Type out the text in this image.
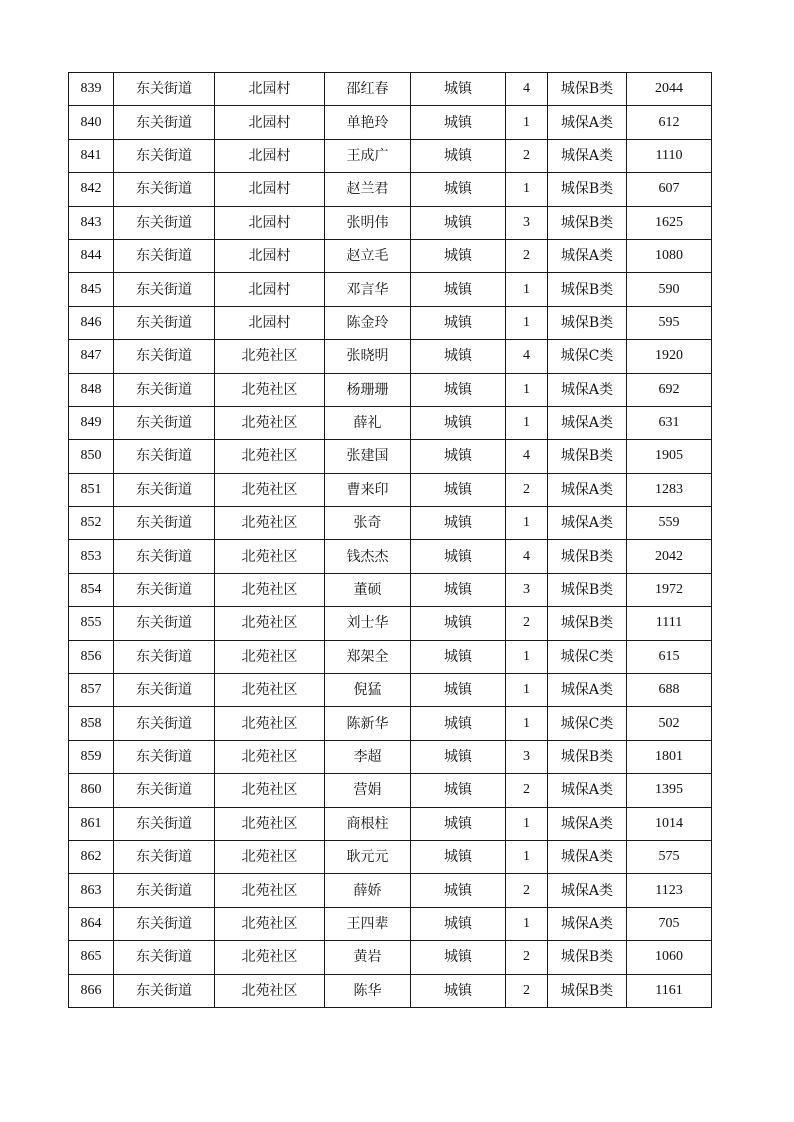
839	东关街道	北园村	邵红春	城镇	4	城保B类	2044
840	东关街道	北园村	单艳玲	城镇	1	城保A类	612
841	东关街道	北园村	王成广	城镇	2	城保A类	1110
842	东关街道	北园村	赵兰君	城镇	1	城保B类	607
843	东关街道	北园村	张明伟	城镇	3	城保B类	1625
844	东关街道	北园村	赵立毛	城镇	2	城保A类	1080
845	东关街道	北园村	邓言华	城镇	1	城保B类	590
846	东关街道	北园村	陈金玲	城镇	1	城保B类	595
847	东关街道	北苑社区	张晓明	城镇	4	城保C类	1920
848	东关街道	北苑社区	杨珊珊	城镇	1	城保A类	692
849	东关街道	北苑社区	薛礼	城镇	1	城保A类	631
850	东关街道	北苑社区	张建国	城镇	4	城保B类	1905
851	东关街道	北苑社区	曹来印	城镇	2	城保A类	1283
852	东关街道	北苑社区	张奇	城镇	1	城保A类	559
853	东关街道	北苑社区	钱杰杰	城镇	4	城保B类	2042
854	东关街道	北苑社区	董硕	城镇	3	城保B类	1972
855	东关街道	北苑社区	刘士华	城镇	2	城保B类	1111
856	东关街道	北苑社区	郑架全	城镇	1	城保C类	615
857	东关街道	北苑社区	倪猛	城镇	1	城保A类	688
858	东关街道	北苑社区	陈新华	城镇	1	城保C类	502
859	东关街道	北苑社区	李超	城镇	3	城保B类	1801
860	东关街道	北苑社区	营娟	城镇	2	城保A类	1395
861	东关街道	北苑社区	商根柱	城镇	1	城保A类	1014
862	东关街道	北苑社区	耿元元	城镇	1	城保A类	575
863	东关街道	北苑社区	薛娇	城镇	2	城保A类	1123
864	东关街道	北苑社区	王四辈	城镇	1	城保A类	705
865	东关街道	北苑社区	黄岩	城镇	2	城保B类	1060
866	东关街道	北苑社区	陈华	城镇	2	城保B类	1161
